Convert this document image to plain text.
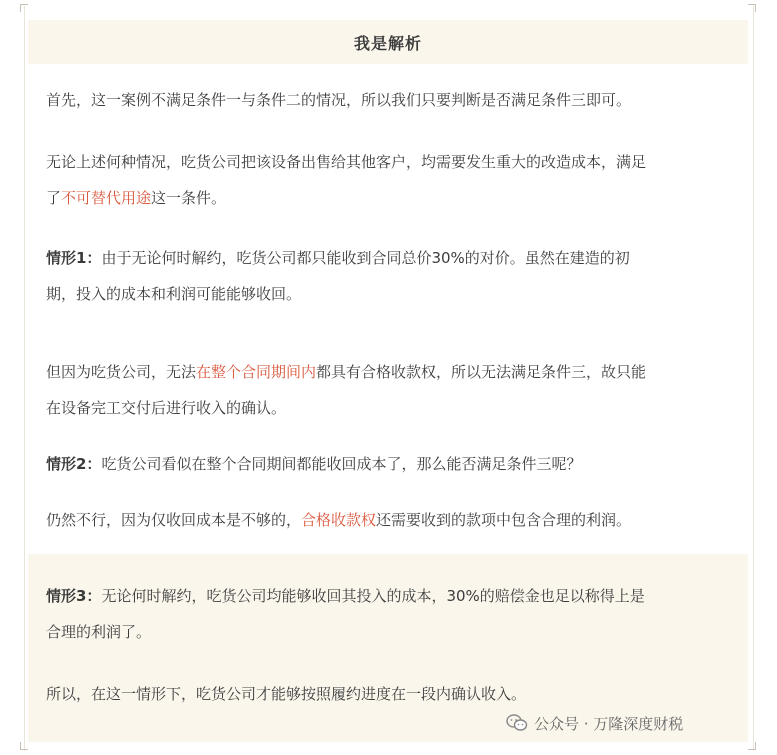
我是解析

首先，这一案例不满足条件一与条件二的情况，所以我们只要判断是否满足条件三即可。

无论上述何种情况，吃货公司把该设备出售给其他客户，均需要发生重大的改造成本，满足
了不可替代用途这一条件。

情形1：由于无论何时解约，吃货公司都只能收到合同总价30%的对价。虽然在建造的初
期，投入的成本和利润可能能够收回。

但因为吃货公司，无法在整个合同期间内都具有合格收款权，所以无法满足条件三，故只能
在设备完工交付后进行收入的确认。

情形2：吃货公司看似在整个合同期间都能收回成本了，那么能否满足条件三呢？

仍然不行，因为仅收回成本是不够的，合格收款权还需要收到的款项中包含合理的利润。

情形3：无论何时解约，吃货公司均能够收回其投入的成本，30%的赔偿金也足以称得上是
合理的利润了。

所以，在这一情形下，吃货公司才能够按照履约进度在一段内确认收入。

公众号 · 万隆深度财税
